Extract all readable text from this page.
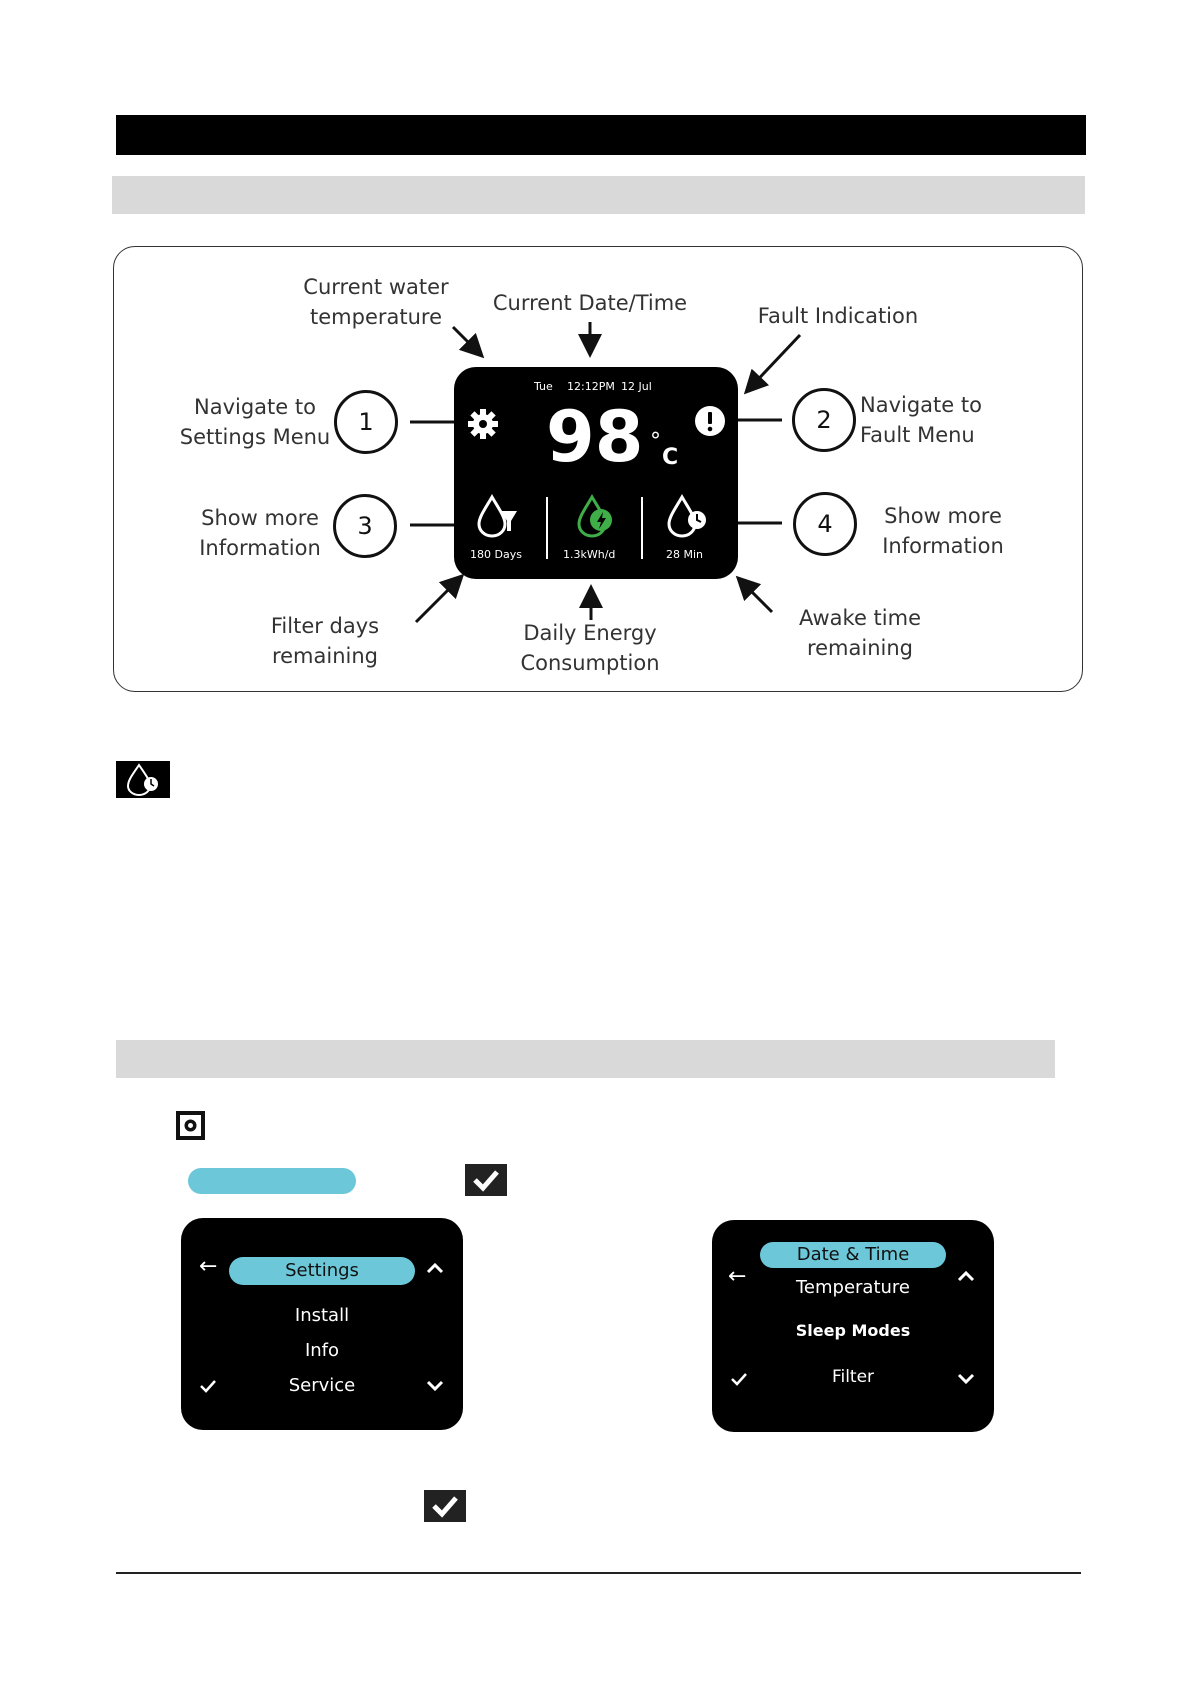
Current water
temperature
Current Date/Time
Fault Indication
Navigate to
Settings Menu
Navigate to
Fault Menu
Show more
Information
Show more
Information
Filter days
remaining
Daily Energy
Consumption
Awake time
remaining
1	2
3	4
Tue 12:12PM 12 Jul
98 °
C
180 Days	1.3kWh/d	28 Min
←	Settings
Install
Info
Service
Date & Time
←	Temperature
Sleep Modes
Filter
